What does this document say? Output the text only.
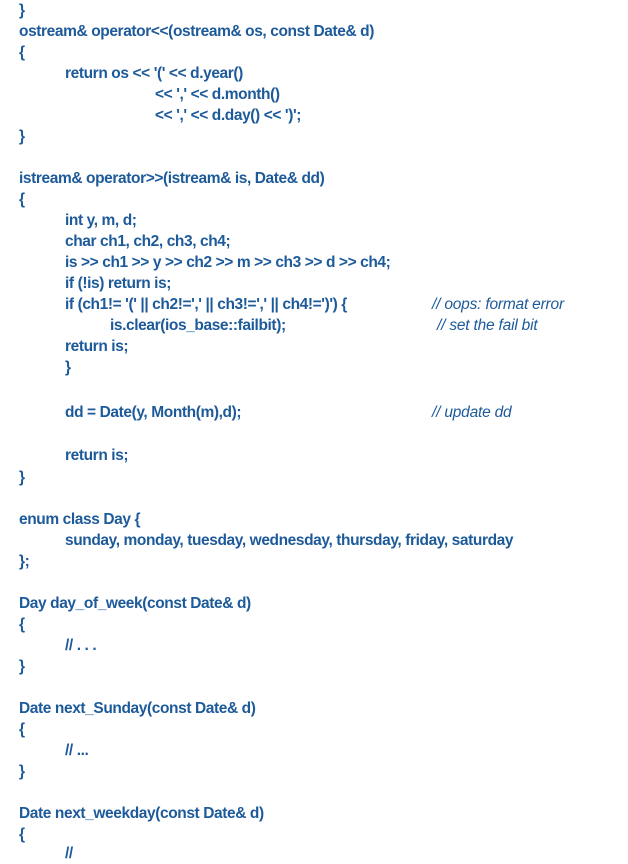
}
ostream& operator<<(ostream& os, const Date& d)
{
return os << '(' << d.year()
<< ',' << d.month()
<< ',' << d.day() << ')';
}
istream& operator>>(istream& is, Date& dd)
{
int y, m, d;
char ch1, ch2, ch3, ch4;
is >> ch1 >> y >> ch2 >> m >> ch3 >> d >> ch4;
if (!is) return is;
if (ch1!= '(' || ch2!=',' || ch3!=',' || ch4!=')') {	// oops: format error
is.clear(ios_base::failbit);	// set the fail bit
return is;
}
dd = Date(y, Month(m),d);	// update dd
return is;
}
enum class Day {
sunday, monday, tuesday, wednesday, thursday, friday, saturday
};
Day day_of_week(const Date& d)
{
// . . .
}
Date next_Sunday(const Date& d)
{
// ...
}
Date next_weekday(const Date& d)
{
//
